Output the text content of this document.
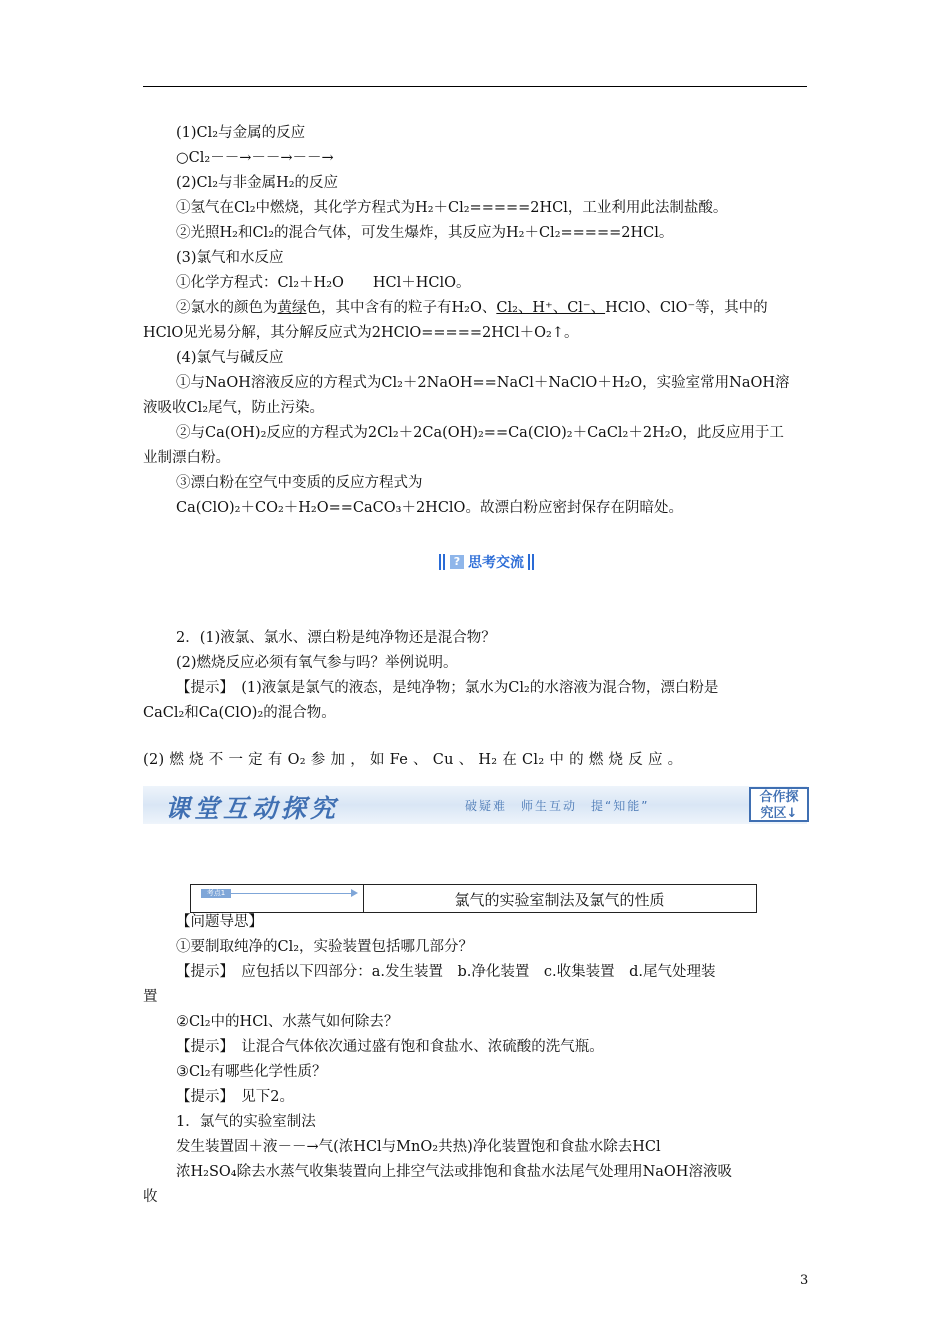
(1)Cl₂与金属的反应
○Cl₂－－→－－→－－→
(2)Cl₂与非金属H₂的反应
①氢气在Cl₂中燃烧，其化学方程式为H₂＋Cl₂=====2HCl，工业利用此法制盐酸。
②光照H₂和Cl₂的混合气体，可发生爆炸，其反应为H₂＋Cl₂=====2HCl。
(3)氯气和水反应
①化学方程式：Cl₂＋H₂O　　HCl＋HClO。
②氯水的颜色为黄绿色，其中含有的粒子有H₂O、Cl₂、H⁺、Cl⁻、HClO、ClO⁻等，其中的
HClO见光易分解，其分解反应式为2HClO=====2HCl＋O₂↑。
(4)氯气与碱反应
①与NaOH溶液反应的方程式为Cl₂＋2NaOH==NaCl＋NaClO＋H₂O，实验室常用NaOH溶
液吸收Cl₂尾气，防止污染。
②与Ca(OH)₂反应的方程式为2Cl₂＋2Ca(OH)₂==Ca(ClO)₂＋CaCl₂＋2H₂O，此反应用于工
业制漂白粉。
③漂白粉在空气中变质的反应方程式为
Ca(ClO)₂＋CO₂＋H₂O==CaCO₃＋2HClO。故漂白粉应密封保存在阴暗处。
? 思考交流
2．(1)液氯、氯水、漂白粉是纯净物还是混合物？
(2)燃烧反应必须有氧气参与吗？举例说明。
【提示】　(1)液氯是氯气的液态，是纯净物；氯水为Cl₂的水溶液为混合物，漂白粉是
CaCl₂和Ca(ClO)₂的混合物。
(2) 燃 烧 不 一 定 有 O₂ 参 加 ， 如 Fe 、 Cu 、 H₂ 在 Cl₂ 中 的 燃 烧 反 应 。
课堂互动探究	破疑难　师生互动　提“知能”
合作探
究区↓
考点1	氯气的实验室制法及氯气的性质
【问题导思】
①要制取纯净的Cl₂，实验装置包括哪几部分？
【提示】　应包括以下四部分：a.发生装置　b.净化装置　c.收集装置　d.尾气处理装
置
②Cl₂中的HCl、水蒸气如何除去？
【提示】　让混合气体依次通过盛有饱和食盐水、浓硫酸的洗气瓶。
③Cl₂有哪些化学性质？
【提示】　见下2。
1．氯气的实验室制法
发生装置固＋液－－→气(浓HCl与MnO₂共热)净化装置饱和食盐水除去HCl
浓H₂SO₄除去水蒸气收集装置向上排空气法或排饱和食盐水法尾气处理用NaOH溶液吸
收
3
